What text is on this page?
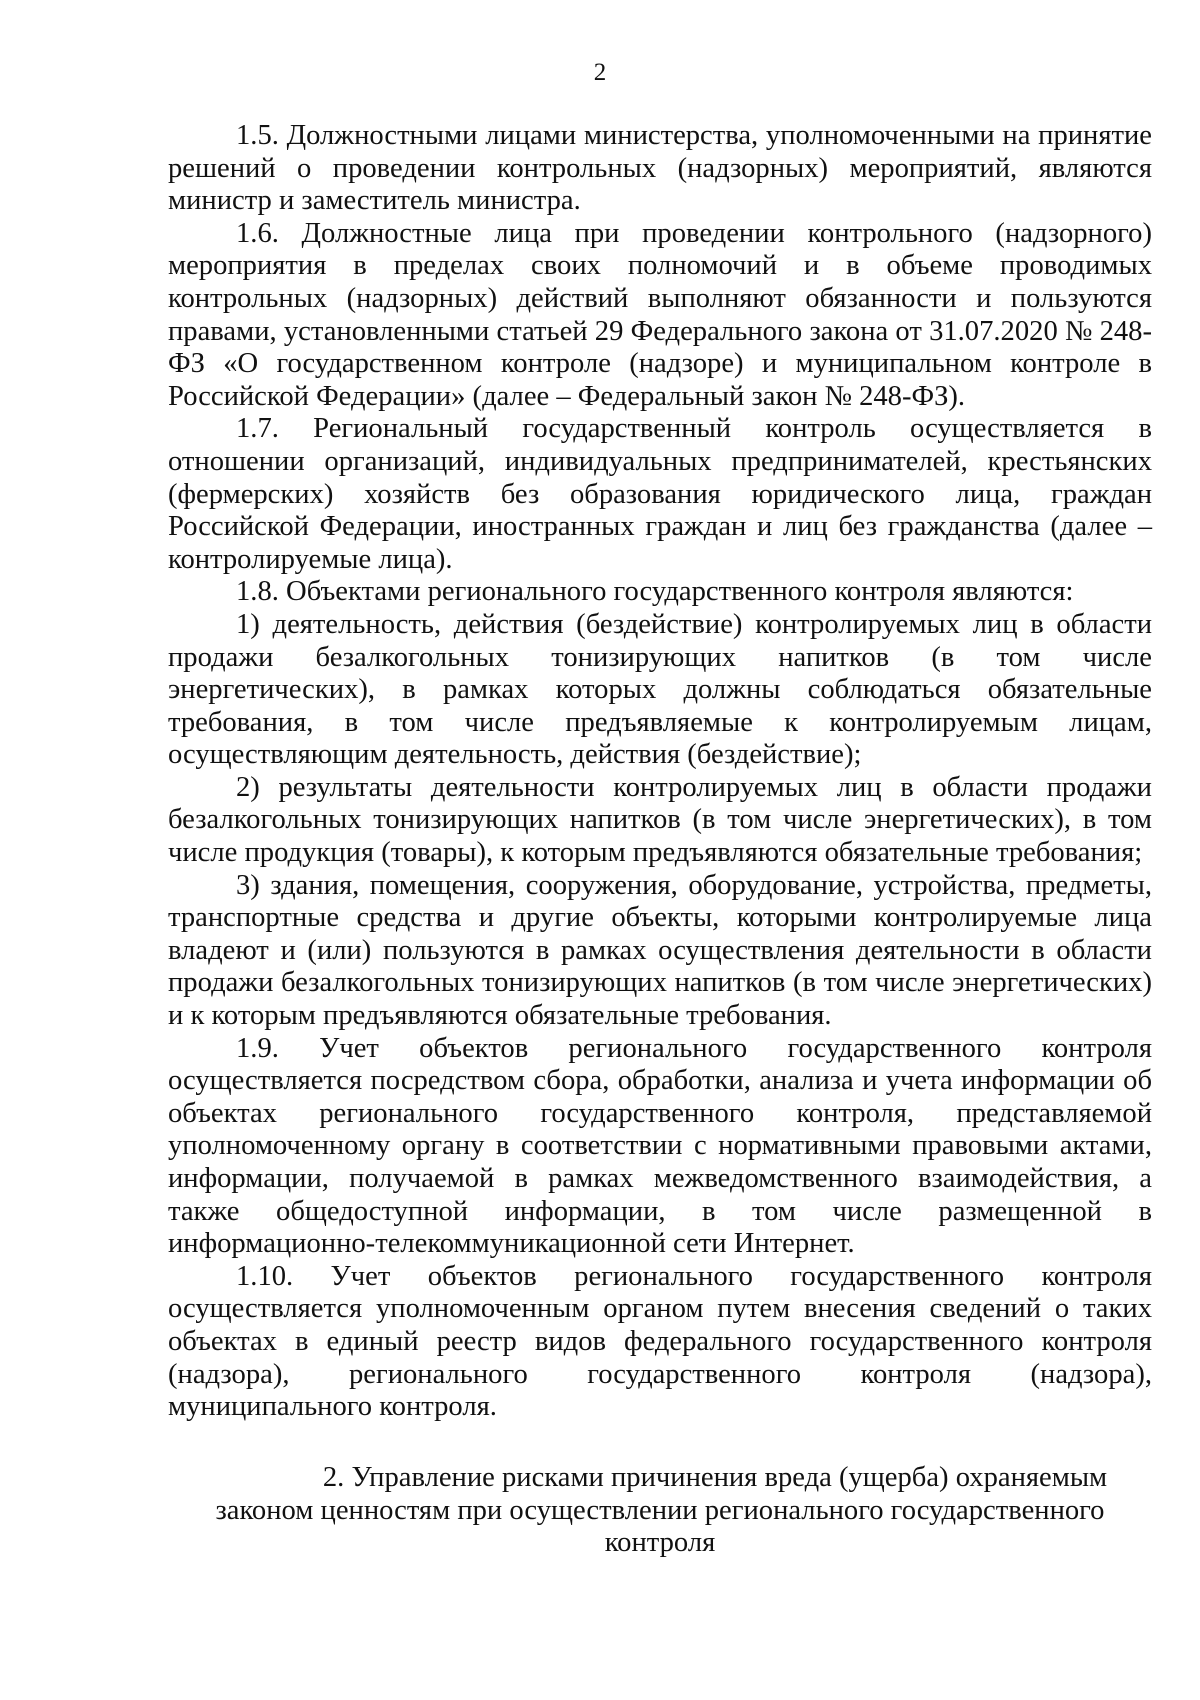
2

1.5. Должностными лицами министерства, уполномоченными на принятие решений о проведении контрольных (надзорных) мероприятий, являются министр и заместитель министра.

1.6. Должностные лица при проведении контрольного (надзорного) мероприятия в пределах своих полномочий и в объеме проводимых контрольных (надзорных) действий выполняют обязанности и пользуются правами, установленными статьей 29 Федерального закона от 31.07.2020 № 248-ФЗ «О государственном контроле (надзоре) и муниципальном контроле в Российской Федерации» (далее – Федеральный закон № 248-ФЗ).

1.7. Региональный государственный контроль осуществляется в отношении организаций, индивидуальных предпринимателей, крестьянских (фермерских) хозяйств без образования юридического лица, граждан Российской Федерации, иностранных граждан и лиц без гражданства (далее – контролируемые лица).

1.8. Объектами регионального государственного контроля являются:

1) деятельность, действия (бездействие) контролируемых лиц в области продажи безалкогольных тонизирующих напитков (в том числе энергетических), в рамках которых должны соблюдаться обязательные требования, в том числе предъявляемые к контролируемым лицам, осуществляющим деятельность, действия (бездействие);

2) результаты деятельности контролируемых лиц в области продажи безалкогольных тонизирующих напитков (в том числе энергетических), в том числе продукция (товары), к которым предъявляются обязательные требования;

3) здания, помещения, сооружения, оборудование, устройства, предметы, транспортные средства и другие объекты, которыми контролируемые лица владеют и (или) пользуются в рамках осуществления деятельности в области продажи безалкогольных тонизирующих напитков (в том числе энергетических) и к которым предъявляются обязательные требования.

1.9. Учет объектов регионального государственного контроля осуществляется посредством сбора, обработки, анализа и учета информации об объектах регионального государственного контроля, представляемой уполномоченному органу в соответствии с нормативными правовыми актами, информации, получаемой в рамках межведомственного взаимодействия, а также общедоступной информации, в том числе размещенной в информационно-телекоммуникационной сети Интернет.

1.10. Учет объектов регионального государственного контроля осуществляется уполномоченным органом путем внесения сведений о таких объектах в единый реестр видов федерального государственного контроля (надзора), регионального государственного контроля (надзора), муниципального контроля.

2. Управление рисками причинения вреда (ущерба) охраняемым
законом ценностям при осуществлении регионального государственного
контроля
